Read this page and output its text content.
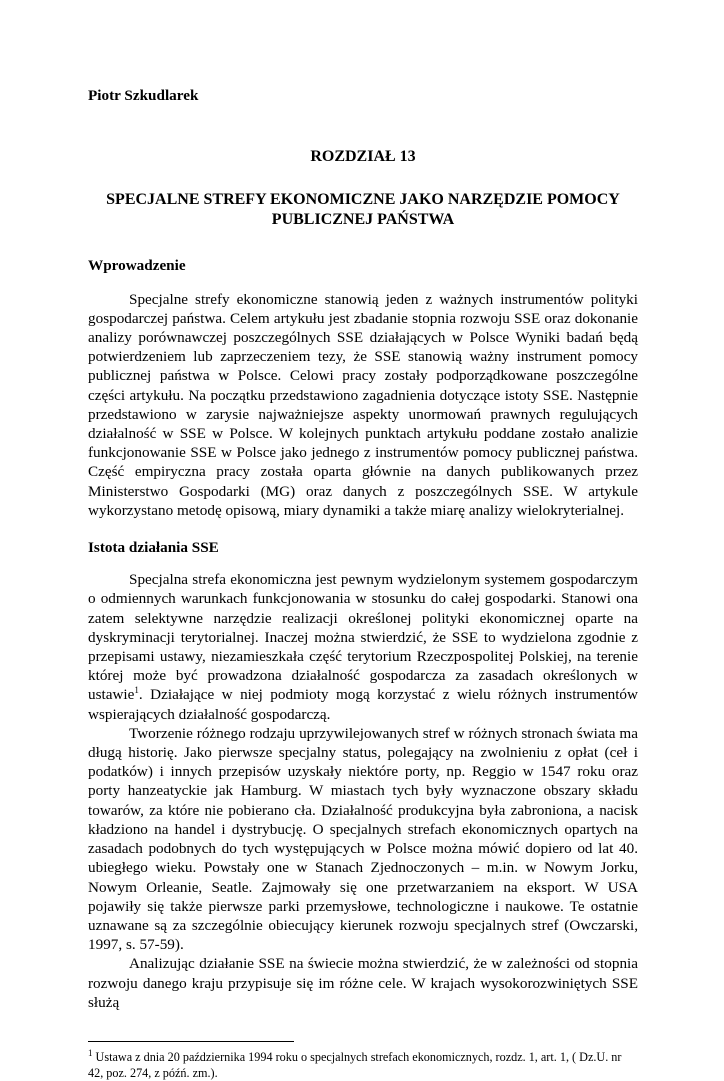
Piotr Szkudlarek

ROZDZIAŁ 13

SPECJALNE STREFY EKONOMICZNE JAKO NARZĘDZIE POMOCY
PUBLICZNEJ PAŃSTWA

Wprowadzenie

Specjalne strefy ekonomiczne stanowią jeden z ważnych instrumentów polityki gospodarczej państwa. Celem artykułu jest zbadanie stopnia rozwoju SSE oraz dokonanie analizy porównawczej poszczególnych SSE działających w Polsce Wyniki badań będą potwierdzeniem lub zaprzeczeniem tezy, że SSE stanowią ważny instrument pomocy publicznej państwa w Polsce. Celowi pracy zostały podporządkowane poszczególne części artykułu. Na początku przedstawiono zagadnienia dotyczące istoty SSE. Następnie przedstawiono w zarysie najważniejsze aspekty unormowań prawnych regulujących działalność w SSE w Polsce. W kolejnych punktach artykułu poddane zostało analizie funkcjonowanie SSE w Polsce jako jednego z instrumentów pomocy publicznej państwa. Część empiryczna pracy została oparta głównie na danych publikowanych przez Ministerstwo Gospodarki (MG) oraz danych z poszczególnych SSE. W artykule wykorzystano metodę opisową, miary dynamiki a także miarę analizy wielokryterialnej.

Istota działania SSE

Specjalna strefa ekonomiczna jest pewnym wydzielonym systemem gospodarczym o odmiennych warunkach funkcjonowania w stosunku do całej gospodarki. Stanowi ona zatem selektywne narzędzie realizacji określonej polityki ekonomicznej oparte na dyskryminacji terytorialnej. Inaczej można stwierdzić, że SSE to wydzielona zgodnie z przepisami ustawy, niezamieszkała część terytorium Rzeczpospolitej Polskiej, na terenie której może być prowadzona działalność gospodarcza za zasadach określonych w ustawie$^1$. Działające w niej podmioty mogą korzystać z wielu różnych instrumentów wspierających działalność gospodarczą.

Tworzenie różnego rodzaju uprzywilejowanych stref w różnych stronach świata ma długą historię. Jako pierwsze specjalny status, polegający na zwolnieniu z opłat (ceł i podatków) i innych przepisów uzyskały niektóre porty, np. Reggio w 1547 roku oraz porty hanzeatyckie jak Hamburg. W miastach tych były wyznaczone obszary składu towarów, za które nie pobierano cła. Działalność produkcyjna była zabroniona, a nacisk kładziono na handel i dystrybucję. O specjalnych strefach ekonomicznych opartych na zasadach podobnych do tych występujących w Polsce można mówić dopiero od lat 40. ubiegłego wieku. Powstały one w Stanach Zjednoczonych – m.in. w Nowym Jorku, Nowym Orleanie, Seatle. Zajmowały się one przetwarzaniem na eksport. W USA pojawiły się także pierwsze parki przemysłowe, technologiczne i naukowe. Te ostatnie uznawane są za szczególnie obiecujący kierunek rozwoju specjalnych stref (Owczarski, 1997, s. 57-59).

Analizując działanie SSE na świecie można stwierdzić, że w zależności od stopnia rozwoju danego kraju przypisuje się im różne cele. W krajach wysokorozwiniętych SSE służą

$^1$ Ustawa z dnia 20 października 1994 roku o specjalnych strefach ekonomicznych, rozdz. 1, art. 1, ( Dz.U. nr 42, poz. 274, z późń. zm.).
